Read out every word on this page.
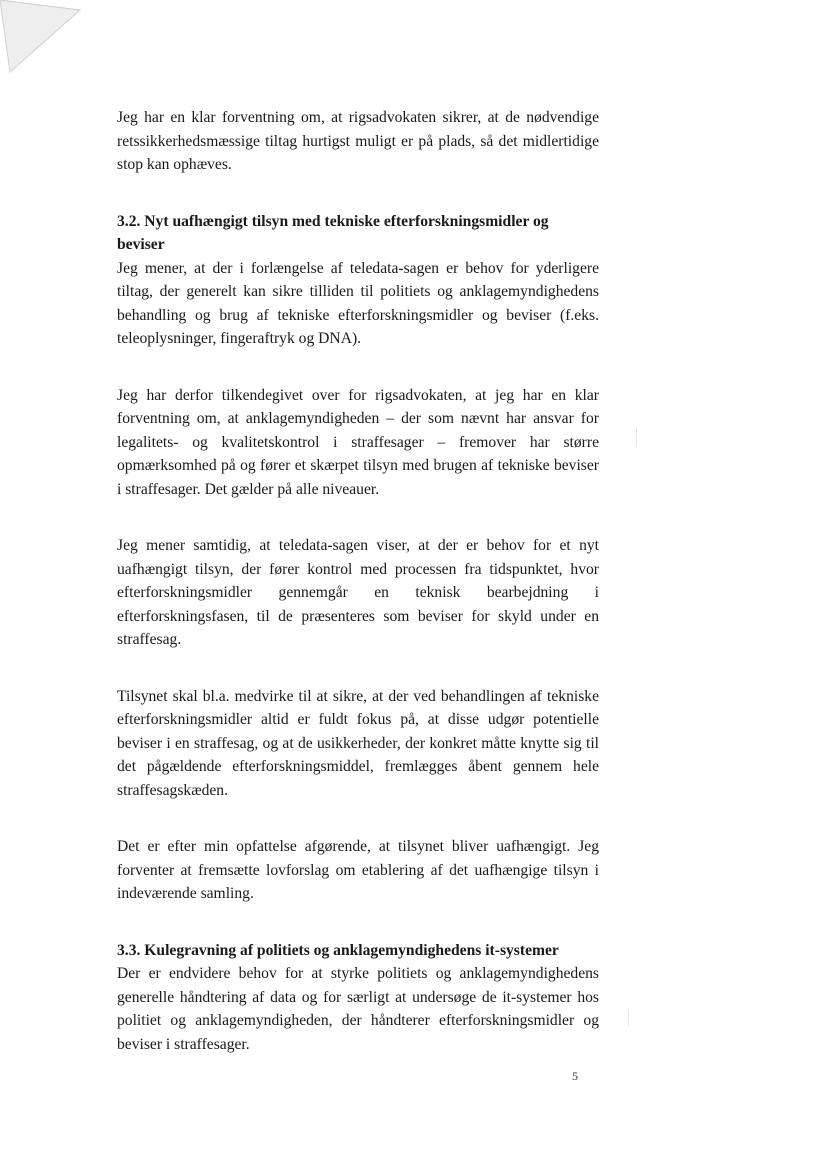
Jeg har en klar forventning om, at rigsadvokaten sikrer, at de nødvendige retssikkerhedsmæssige tiltag hurtigst muligt er på plads, så det midlertidige stop kan ophæves.

3.2. Nyt uafhængigt tilsyn med tekniske efterforskningsmidler og beviser

Jeg mener, at der i forlængelse af teledata-sagen er behov for yderligere tiltag, der generelt kan sikre tilliden til politiets og anklagemyndighedens behandling og brug af tekniske efterforskningsmidler og beviser (f.eks. teleoplysninger, fingeraftryk og DNA).

Jeg har derfor tilkendegivet over for rigsadvokaten, at jeg har en klar forventning om, at anklagemyndigheden – der som nævnt har ansvar for legalitets- og kvalitetskontrol i straffesager – fremover har større opmærksomhed på og fører et skærpet tilsyn med brugen af tekniske beviser i straffesager. Det gælder på alle niveauer.

Jeg mener samtidig, at teledata-sagen viser, at der er behov for et nyt uafhængigt tilsyn, der fører kontrol med processen fra tidspunktet, hvor efterforskningsmidler gennemgår en teknisk bearbejdning i efterforskningsfasen, til de præsenteres som beviser for skyld under en straffesag.

Tilsynet skal bl.a. medvirke til at sikre, at der ved behandlingen af tekniske efterforskningsmidler altid er fuldt fokus på, at disse udgør potentielle beviser i en straffesag, og at de usikkerheder, der konkret måtte knytte sig til det pågældende efterforskningsmiddel, fremlægges åbent gennem hele straffesagskæden.

Det er efter min opfattelse afgørende, at tilsynet bliver uafhængigt. Jeg forventer at fremsætte lovforslag om etablering af det uafhængige tilsyn i indeværende samling.

3.3. Kulegravning af politiets og anklagemyndighedens it-systemer

Der er endvidere behov for at styrke politiets og anklagemyndighedens generelle håndtering af data og for særligt at undersøge de it-systemer hos politiet og anklagemyndigheden, der håndterer efterforskningsmidler og beviser i straffesager.

5
